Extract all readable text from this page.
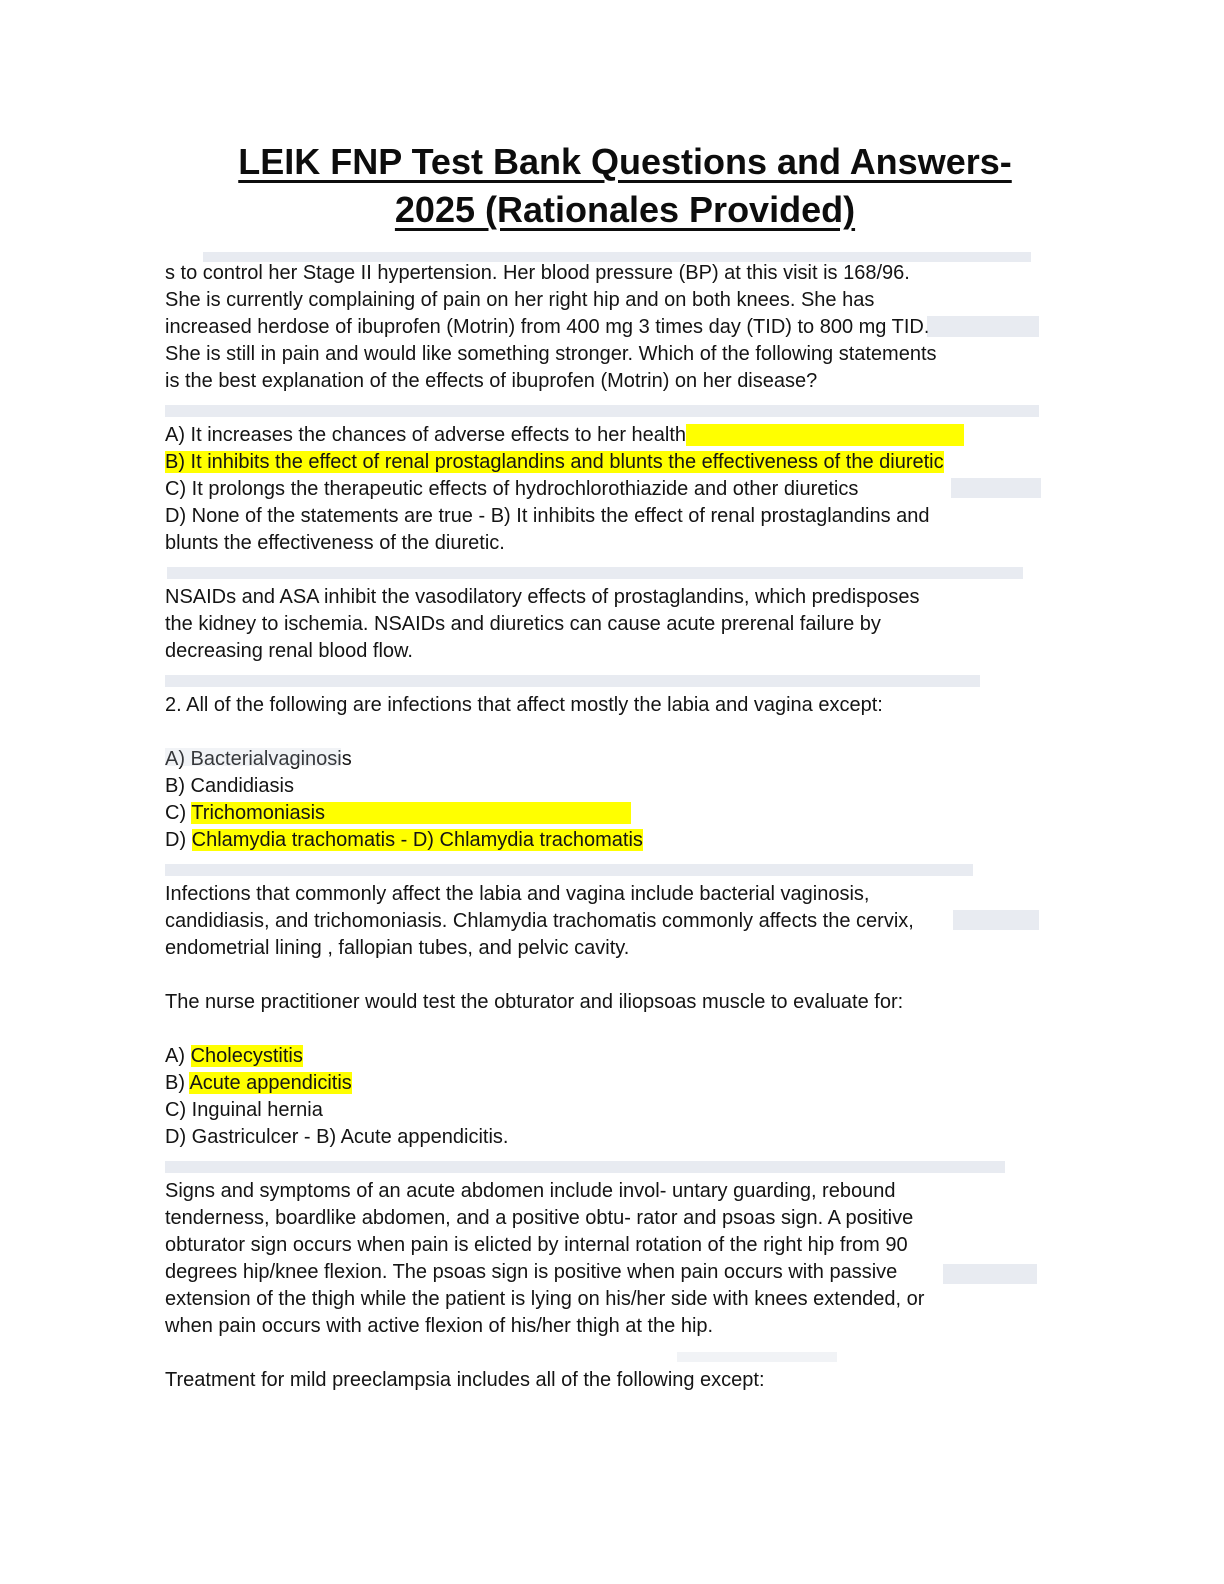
LEIK FNP Test Bank Questions and Answers-
2025 (Rationales Provided)
s to control her Stage II hypertension. Her blood pressure (BP) at this visit is 168/96.
She is currently complaining of pain on her right hip and on both knees. She has
increased herdose of ibuprofen (Motrin) from 400 mg 3 times day (TID) to 800 mg TID.
She is still in pain and would like something stronger. Which of the following statements
is the best explanation of the effects of ibuprofen (Motrin) on her disease?
A) It increases the chances of adverse effects to her health
B) It inhibits the effect of renal prostaglandins and blunts the effectiveness of the diuretic
C) It prolongs the therapeutic effects of hydrochlorothiazide and other diuretics
D) None of the statements are true - B) It inhibits the effect of renal prostaglandins and
blunts the effectiveness of the diuretic.
NSAIDs and ASA inhibit the vasodilatory effects of prostaglandins, which predisposes
the kidney to ischemia. NSAIDs and diuretics can cause acute prerenal failure by
decreasing renal blood flow.
2. All of the following are infections that affect mostly the labia and vagina except:
A) Bacterialvaginosis
B) Candidiasis
C) Trichomoniasis
D) Chlamydia trachomatis - D) Chlamydia trachomatis
Infections that commonly affect the labia and vagina include bacterial vaginosis,
candidiasis, and trichomoniasis. Chlamydia trachomatis commonly affects the cervix,
endometrial lining , fallopian tubes, and pelvic cavity.
The nurse practitioner would test the obturator and iliopsoas muscle to evaluate for:
A) Cholecystitis
B) Acute appendicitis
C) Inguinal hernia
D) Gastriculcer - B) Acute appendicitis.
Signs and symptoms of an acute abdomen include invol- untary guarding, rebound
tenderness, boardlike abdomen, and a positive obtu- rator and psoas sign. A positive
obturator sign occurs when pain is elicted by internal rotation of the right hip from 90
degrees hip/knee flexion. The psoas sign is positive when pain occurs with passive
extension of the thigh while the patient is lying on his/her side with knees extended, or
when pain occurs with active flexion of his/her thigh at the hip.
Treatment for mild preeclampsia includes all of the following except:
